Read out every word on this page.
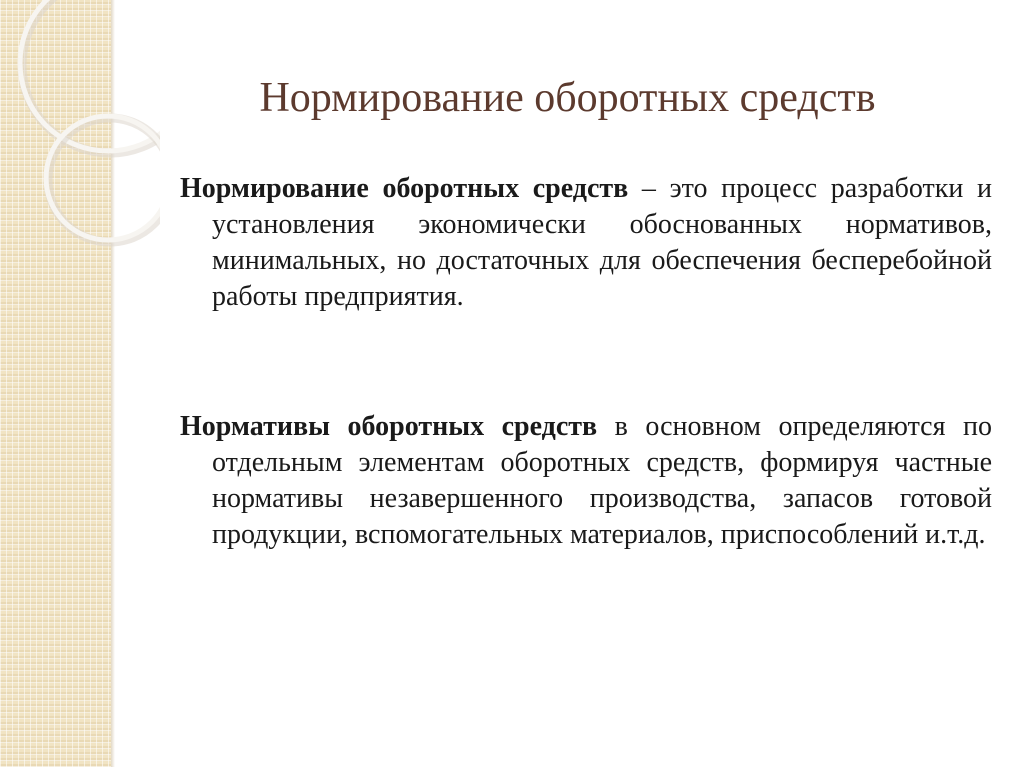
Нормирование оборотных средств

Нормирование оборотных средств – это процесс разработки и установления экономически обоснованных нормативов, минимальных, но достаточных для обеспечения бесперебойной работы предприятия.

Нормативы оборотных средств в основном определяются по отдельным элементам оборотных средств, формируя частные нормативы незавершенного производства, запасов готовой продукции, вспомогательных материалов, приспособлений и.т.д.
